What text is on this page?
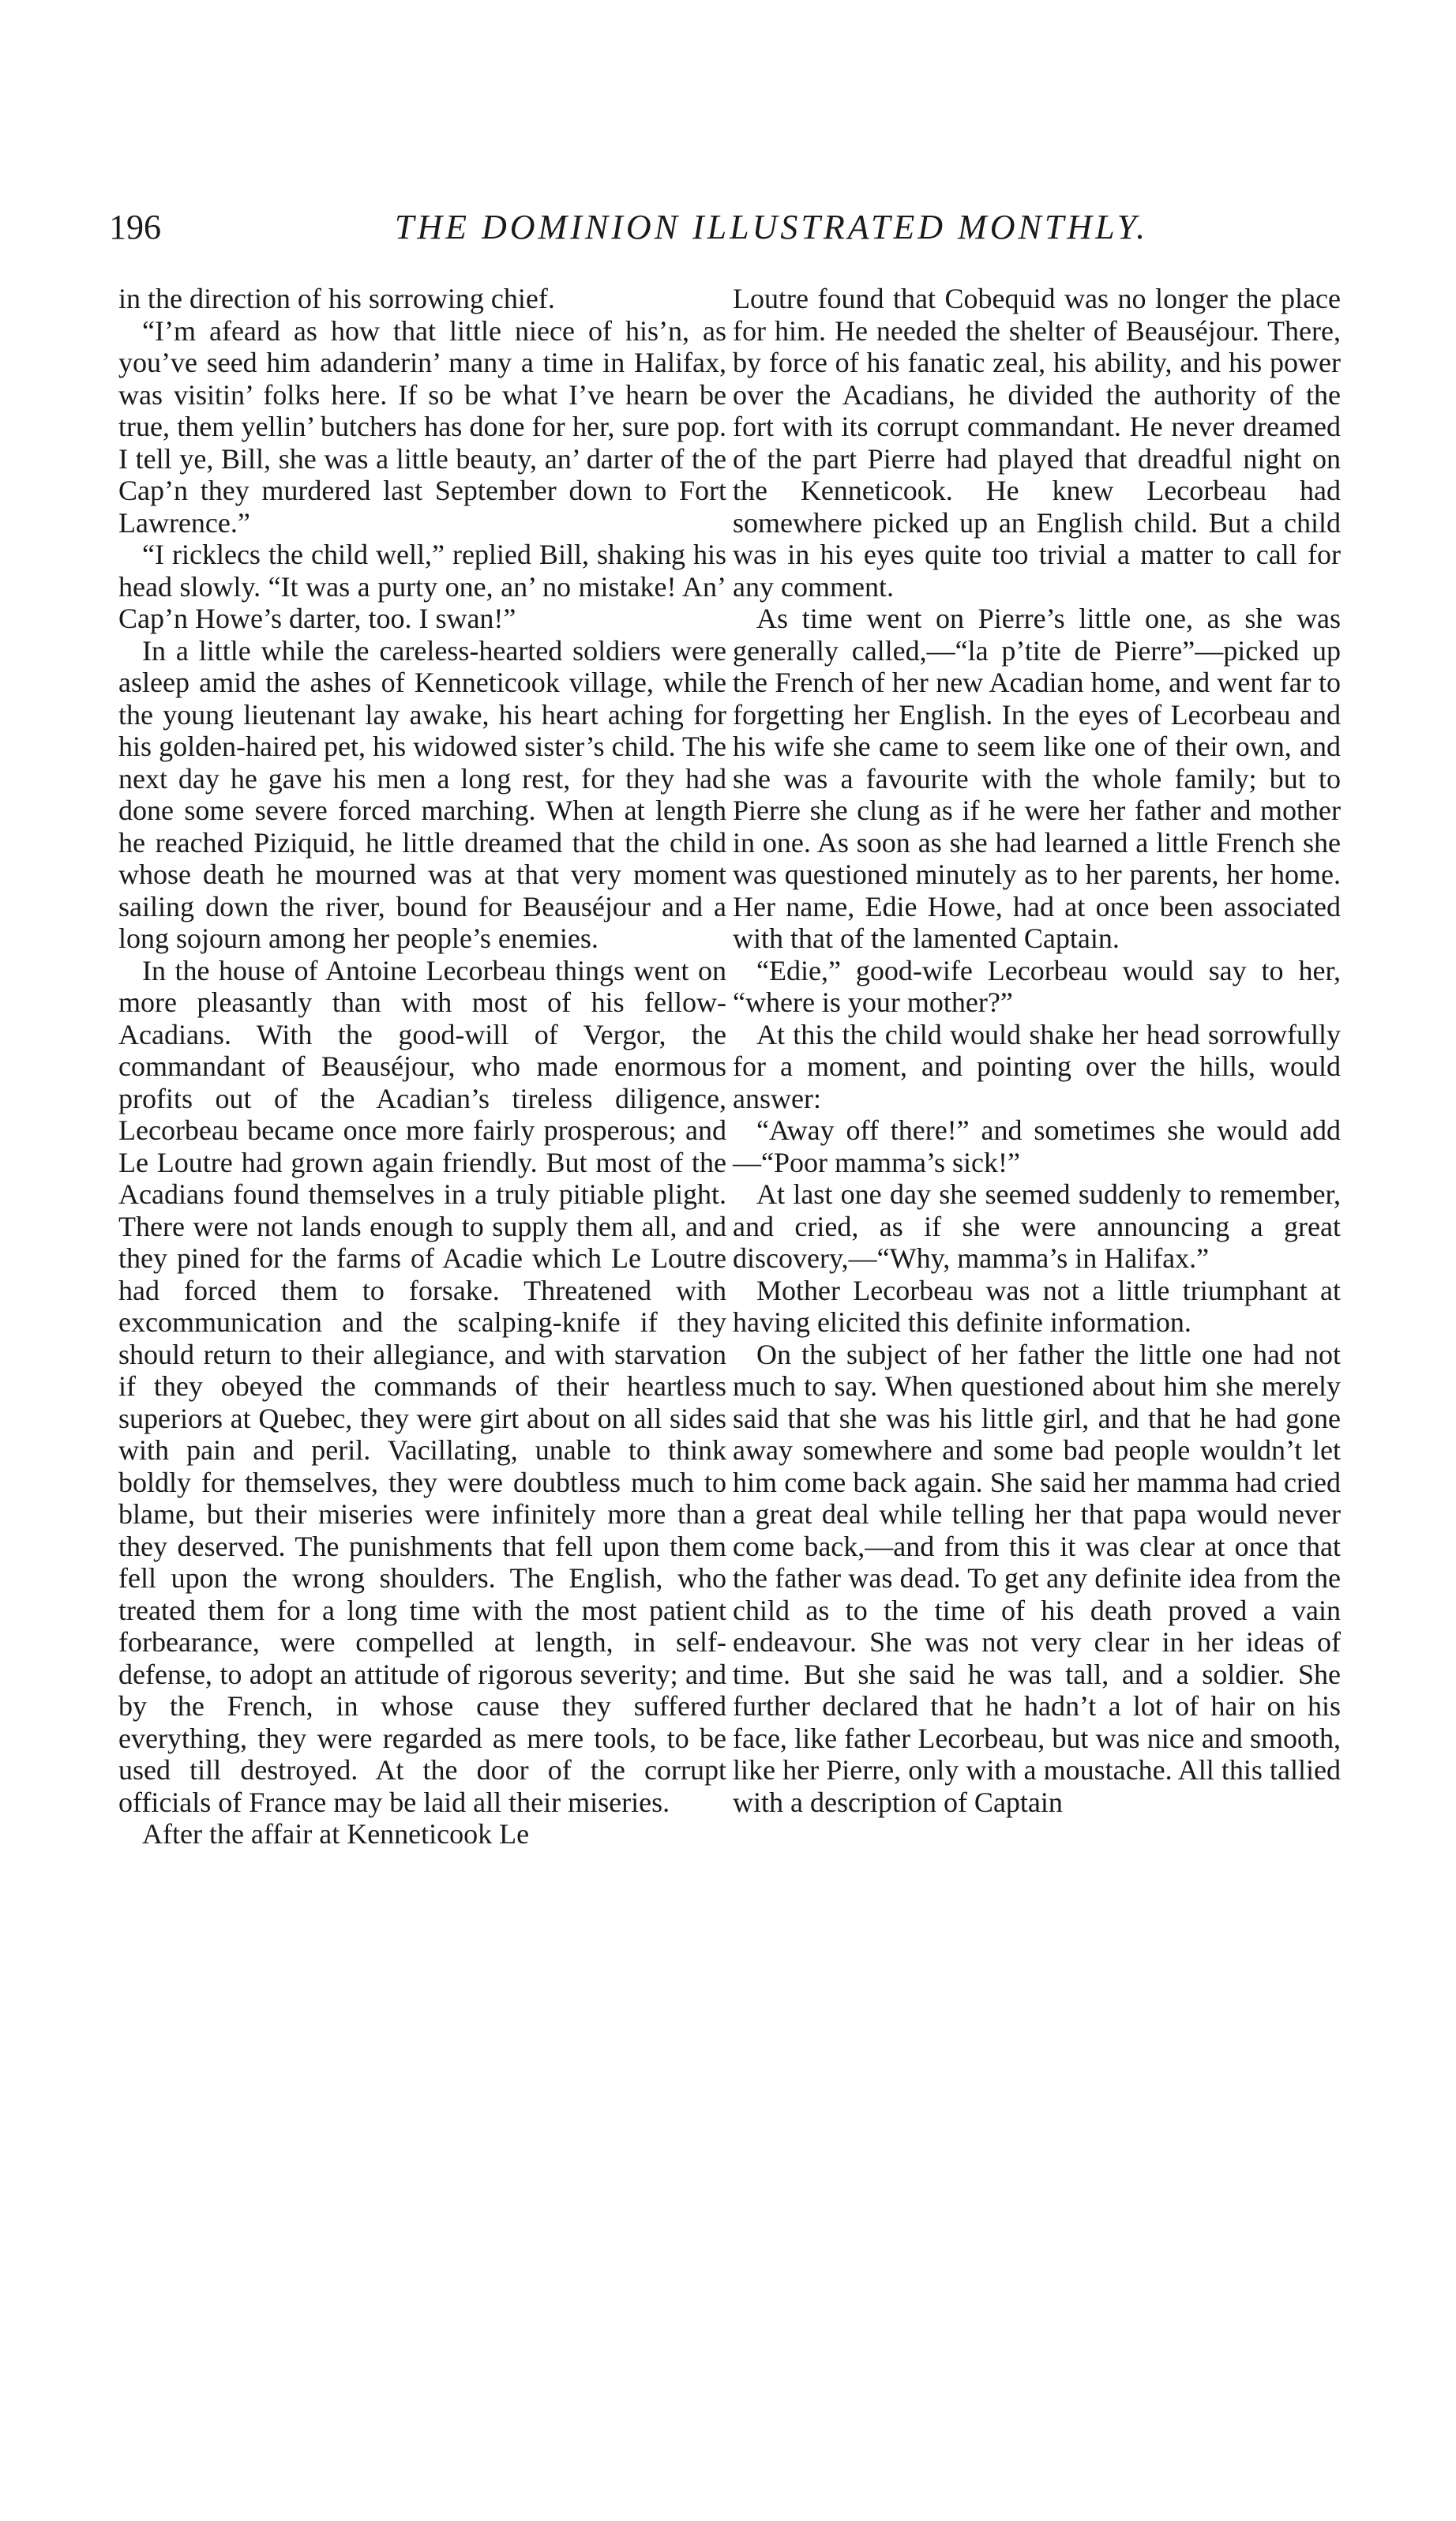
196	THE DOMINION ILLUSTRATED MONTHLY.

in the direction of his sorrowing chief.

“I’m afeard as how that little niece of his’n, as you’ve seed him adanderin’ many a time in Halifax, was visitin’ folks here. If so be what I’ve hearn be true, them yellin’ butchers has done for her, sure pop. I tell ye, Bill, she was a little beauty, an’ darter of the Cap’n they murdered last September down to Fort Lawrence.”

“I ricklecs the child well,” replied Bill, shaking his head slowly. “It was a purty one, an’ no mistake! An’ Cap’n Howe’s darter, too. I swan!”

In a little while the careless-hearted soldiers were asleep amid the ashes of Kenneticook village, while the young lieutenant lay awake, his heart aching for his golden-haired pet, his widowed sister’s child. The next day he gave his men a long rest, for they had done some severe forced marching. When at length he reached Piziquid, he little dreamed that the child whose death he mourned was at that very moment sailing down the river, bound for Beauséjour and a long sojourn among her people’s enemies.

In the house of Antoine Lecorbeau things went on more pleasantly than with most of his fellow-Acadians. With the good-will of Vergor, the commandant of Beauséjour, who made enormous profits out of the Acadian’s tireless diligence, Lecorbeau became once more fairly prosperous; and Le Loutre had grown again friendly. But most of the Acadians found themselves in a truly pitiable plight. There were not lands enough to supply them all, and they pined for the farms of Acadie which Le Loutre had forced them to forsake. Threatened with excommunication and the scalping-knife if they should return to their allegiance, and with starvation if they obeyed the commands of their heartless superiors at Quebec, they were girt about on all sides with pain and peril. Vacillating, unable to think boldly for themselves, they were doubtless much to blame, but their miseries were infinitely more than they deserved. The punishments that fell upon them fell upon the wrong shoulders. The English, who treated them for a long time with the most patient forbearance, were compelled at length, in self-defense, to adopt an attitude of rigorous severity; and by the French, in whose cause they suffered everything, they were regarded as mere tools, to be used till destroyed. At the door of the corrupt officials of France may be laid all their miseries.

After the affair at Kenneticook Le

Loutre found that Cobequid was no longer the place for him. He needed the shelter of Beauséjour. There, by force of his fanatic zeal, his ability, and his power over the Acadians, he divided the authority of the fort with its corrupt commandant. He never dreamed of the part Pierre had played that dreadful night on the Kenneticook. He knew Lecorbeau had somewhere picked up an English child. But a child was in his eyes quite too trivial a matter to call for any comment.

As time went on Pierre’s little one, as she was generally called,—“la p’tite de Pierre”—picked up the French of her new Acadian home, and went far to forgetting her English. In the eyes of Lecorbeau and his wife she came to seem like one of their own, and she was a favourite with the whole family; but to Pierre she clung as if he were her father and mother in one. As soon as she had learned a little French she was questioned minutely as to her parents, her home. Her name, Edie Howe, had at once been associated with that of the lamented Captain.

“Edie,” good-wife Lecorbeau would say to her, “where is your mother?”

At this the child would shake her head sorrowfully for a moment, and pointing over the hills, would answer:

“Away off there!” and sometimes she would add—“Poor mamma’s sick!”

At last one day she seemed suddenly to remember, and cried, as if she were announcing a great discovery,—“Why, mamma’s in Halifax.”

Mother Lecorbeau was not a little triumphant at having elicited this definite information.

On the subject of her father the little one had not much to say. When questioned about him she merely said that she was his little girl, and that he had gone away somewhere and some bad people wouldn’t let him come back again. She said her mamma had cried a great deal while telling her that papa would never come back,—and from this it was clear at once that the father was dead. To get any definite idea from the child as to the time of his death proved a vain endeavour. She was not very clear in her ideas of time. But she said he was tall, and a soldier. She further declared that he hadn’t a lot of hair on his face, like father Lecorbeau, but was nice and smooth, like her Pierre, only with a moustache. All this tallied with a description of Captain
